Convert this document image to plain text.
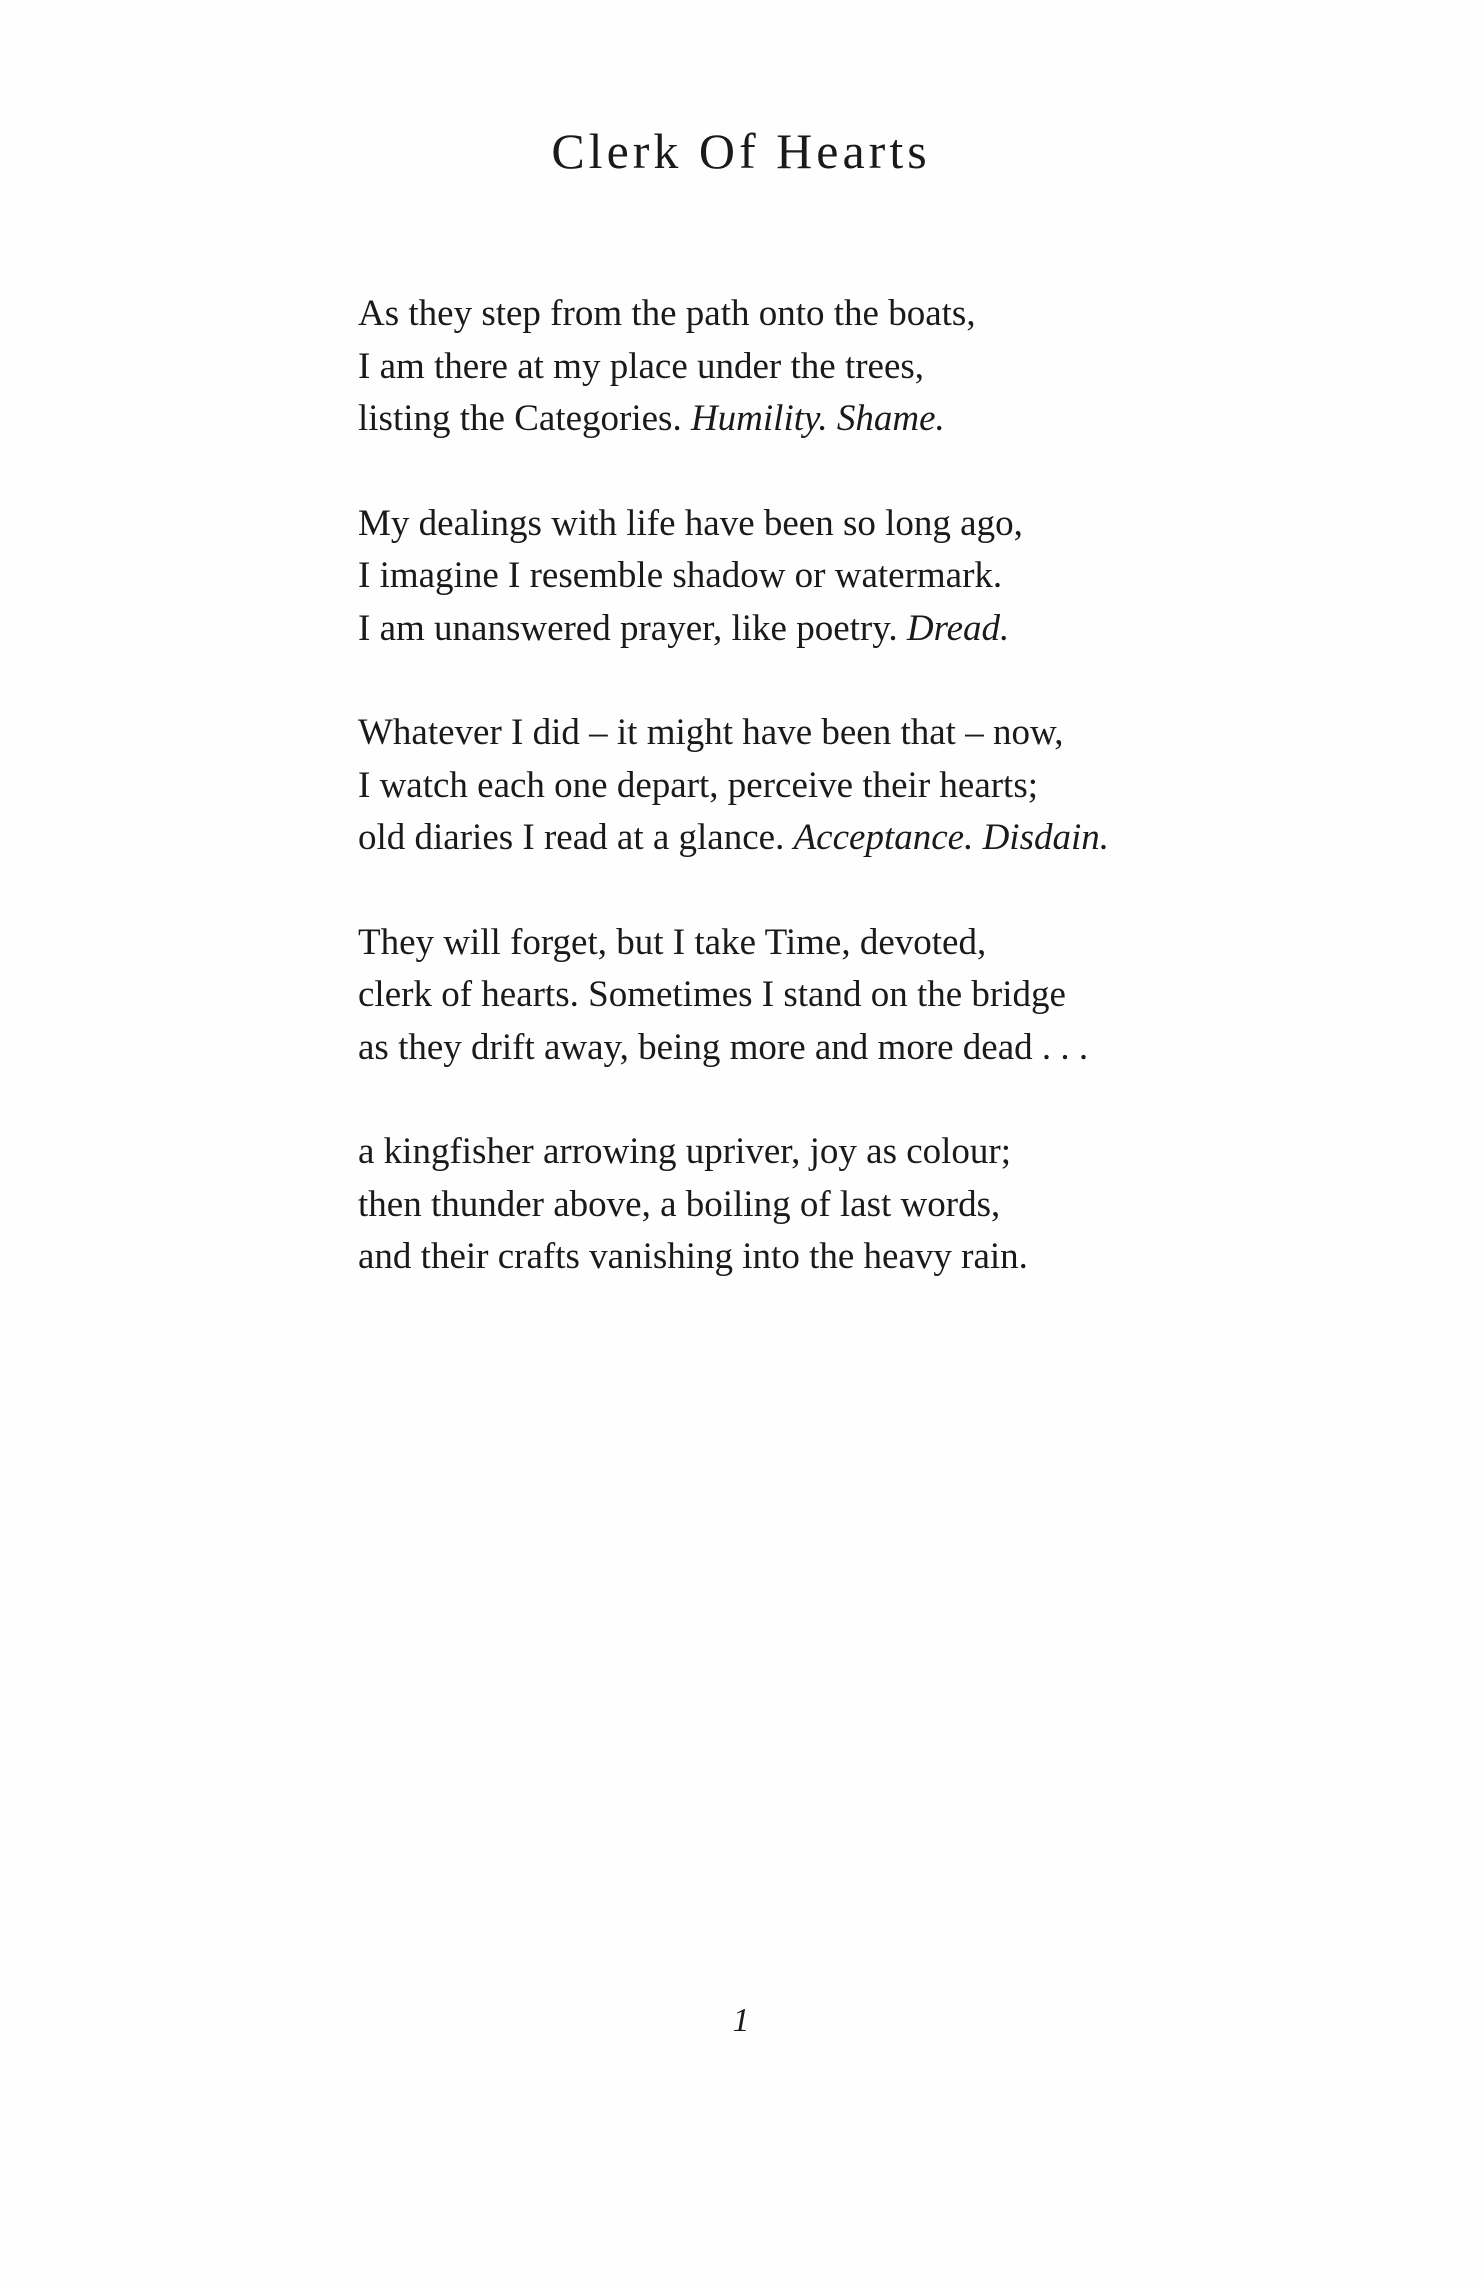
Clerk Of Hearts
As they step from the path onto the boats,
I am there at my place under the trees,
listing the Categories. Humility. Shame.
My dealings with life have been so long ago,
I imagine I resemble shadow or watermark.
I am unanswered prayer, like poetry. Dread.
Whatever I did – it might have been that – now,
I watch each one depart, perceive their hearts;
old diaries I read at a glance. Acceptance. Disdain.
They will forget, but I take Time, devoted,
clerk of hearts. Sometimes I stand on the bridge
as they drift away, being more and more dead . . .
a kingfisher arrowing upriver, joy as colour;
then thunder above, a boiling of last words,
and their crafts vanishing into the heavy rain.
1
